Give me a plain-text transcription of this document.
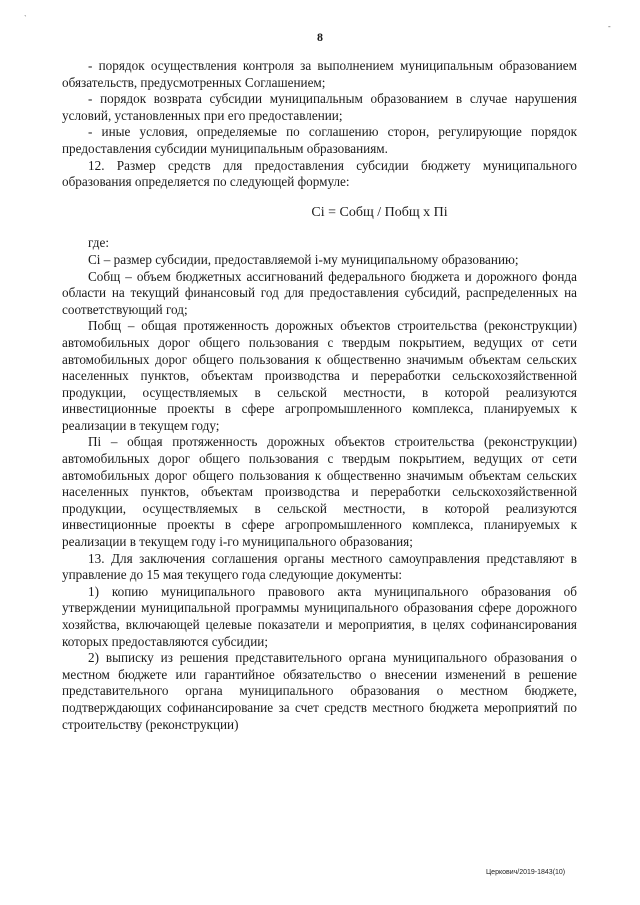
`
‐
8

- порядок осуществления контроля за выполнением муниципальным образованием обязательств, предусмотренных Соглашением;

- порядок возврата субсидии муниципальным образованием в случае нарушения условий, установленных при его предоставлении;

- иные условия, определяемые по соглашению сторон, регулирующие порядок предоставления субсидии муниципальным образованиям.

12. Размер средств для предоставления субсидии бюджету муниципального образования определяется по следующей формуле:

Ci = Cобщ / Побщ x Пi

где:

Сi – размер субсидии, предоставляемой i-му муниципальному образованию;

Собщ – объем бюджетных ассигнований федерального бюджета и дорожного фонда области на текущий финансовый год для предоставления субсидий, распределенных на соответствующий год;

Побщ – общая протяженность дорожных объектов строительства (реконструкции) автомобильных дорог общего пользования с твердым покрытием, ведущих от сети автомобильных дорог общего пользования к общественно значимым объектам сельских населенных пунктов, объектам производства и переработки сельскохозяйственной продукции, осуществляемых в сельской местности, в которой реализуются инвестиционные проекты в сфере агропромышленного комплекса, планируемых к реализации в текущем году;

Пi – общая протяженность дорожных объектов строительства (реконструкции) автомобильных дорог общего пользования с твердым покрытием, ведущих от сети автомобильных дорог общего пользования к общественно значимым объектам сельских населенных пунктов, объектам производства и переработки сельскохозяйственной продукции, осуществляемых в сельской местности, в которой реализуются инвестиционные проекты в сфере агропромышленного комплекса, планируемых к реализации в текущем году i-го муниципального образования;

13. Для заключения соглашения органы местного самоуправления представляют в управление до 15 мая текущего года следующие документы:

1) копию муниципального правового акта муниципального образования об утверждении муниципальной программы муниципального образования сфере дорожного хозяйства, включающей целевые показатели и мероприятия, в целях софинансирования которых предоставляются субсидии;

2) выписку из решения представительного органа муниципального образования о местном бюджете или гарантийное обязательство о внесении изменений в решение представительного органа муниципального образования о местном бюджете, подтверждающих софинансирование за счет средств местного бюджета мероприятий по строительству (реконструкции)

Церкович/2019-1843(10)
